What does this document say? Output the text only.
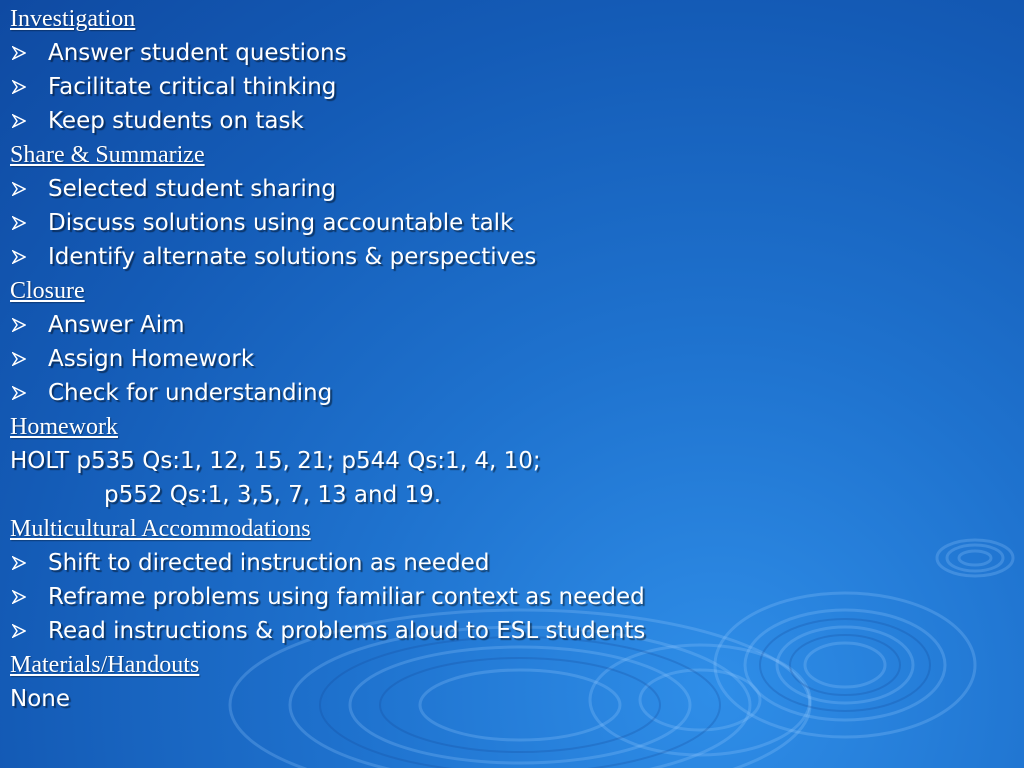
Investigation
Answer student questions
Facilitate critical thinking
Keep students on task
Share & Summarize
Selected student sharing
Discuss solutions using accountable talk
Identify alternate solutions & perspectives
Closure
Answer Aim
Assign Homework
Check for understanding
Homework
HOLT p535 Qs:1, 12, 15, 21; p544 Qs:1, 4, 10;
p552 Qs:1, 3,5, 7, 13 and 19.
Multicultural Accommodations
Shift to directed instruction as needed
Reframe problems using familiar context as needed
Read instructions & problems aloud to ESL students
Materials/Handouts
None
